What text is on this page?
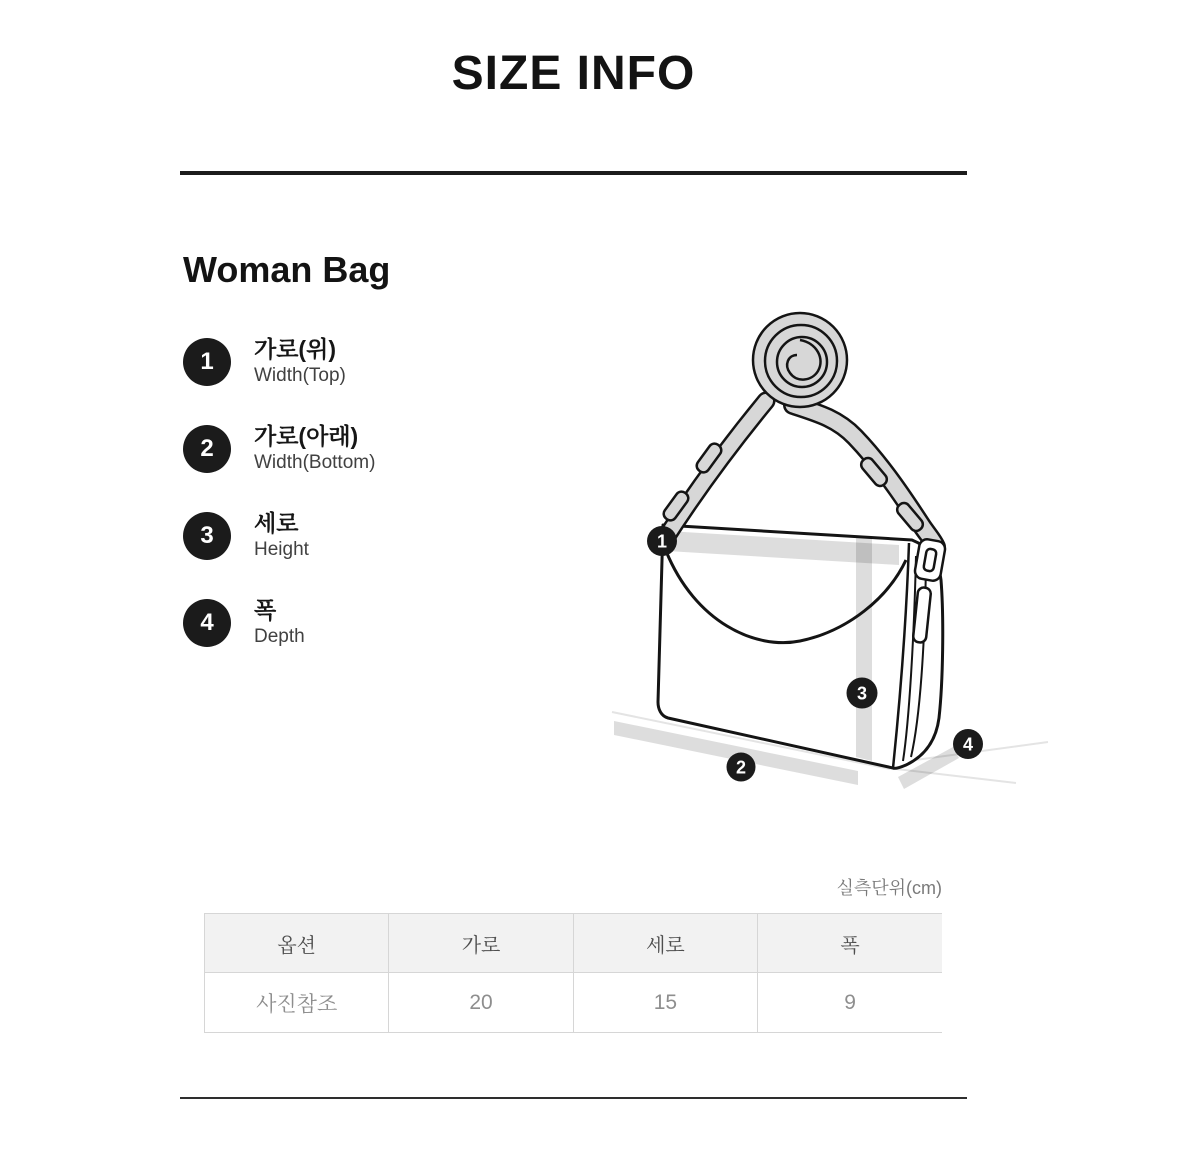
SIZE INFO
Woman Bag
1	가로(위)
Width(Top)
2	가로(아래)
Width(Bottom)
3	세로
Height
4	폭
Depth
1
2
3
4
실측단위(cm)
옵션	가로	세로	폭
사진참조	20	15	9
